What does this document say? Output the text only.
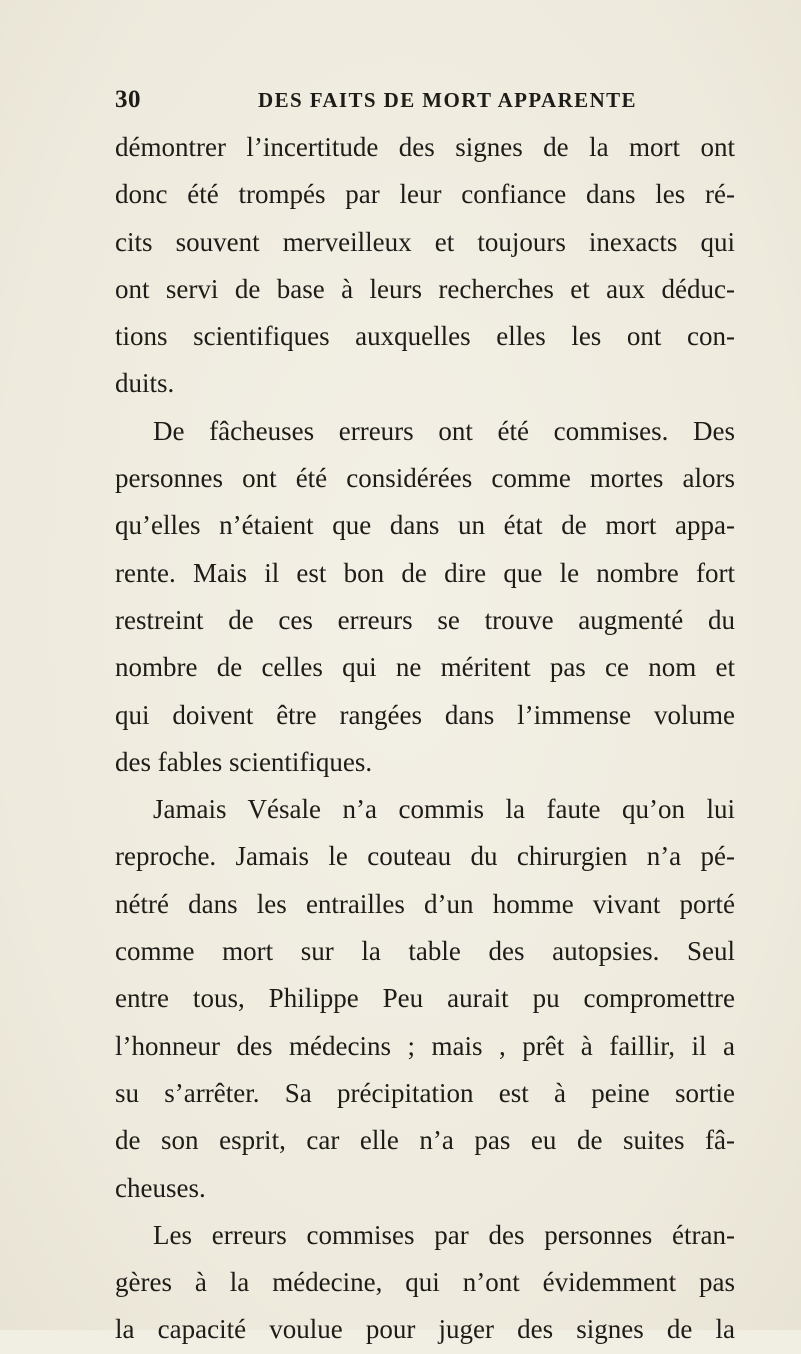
30	DES FAITS DE MORT APPARENTE
démontrer l’incertitude des signes de la mort ont
donc été trompés par leur confiance dans les ré-
cits souvent merveilleux et toujours inexacts qui
ont servi de base à leurs recherches et aux déduc-
tions scientifiques auxquelles elles les ont con-
duits.
De fâcheuses erreurs ont été commises. Des
personnes ont été considérées comme mortes alors
qu’elles n’étaient que dans un état de mort appa-
rente. Mais il est bon de dire que le nombre fort
restreint de ces erreurs se trouve augmenté du
nombre de celles qui ne méritent pas ce nom et
qui doivent être rangées dans l’immense volume
des fables scientifiques.
Jamais Vésale n’a commis la faute qu’on lui
reproche. Jamais le couteau du chirurgien n’a pé-
nétré dans les entrailles d’un homme vivant porté
comme mort sur la table des autopsies. Seul
entre tous, Philippe Peu aurait pu compromettre
l’honneur des médecins ; mais , prêt à faillir, il a
su s’arrêter. Sa précipitation est à peine sortie
de son esprit, car elle n’a pas eu de suites fâ-
cheuses.
Les erreurs commises par des personnes étran-
gères à la médecine, qui n’ont évidemment pas
la capacité voulue pour juger des signes de la
